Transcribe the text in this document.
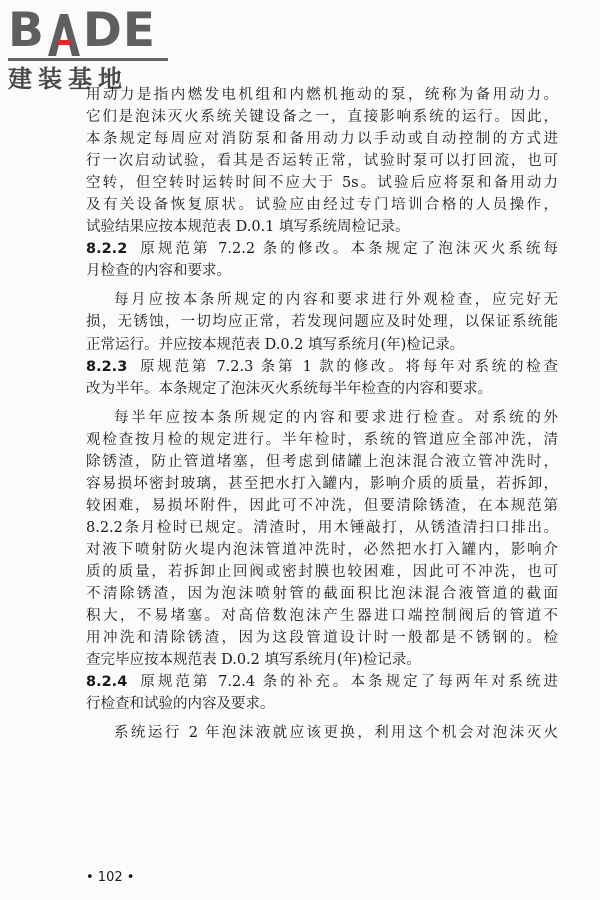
B DE
建装基地
用动力是指内燃发电机组和内燃机拖动的泵，统称为备用动力。
它们是泡沫灭火系统关键设备之一，直接影响系统的运行。因此，
本条规定每周应对消防泵和备用动力以手动或自动控制的方式进
行一次启动试验，看其是否运转正常，试验时泵可以打回流，也可
空转，但空转时运转时间不应大于 5s。试验后应将泵和备用动力
及有关设备恢复原状。试验应由经过专门培训合格的人员操作，
试验结果应按本规范表 D.0.1 填写系统周检记录。
8.2.2 原规范第 7.2.2 条的修改。本条规定了泡沫灭火系统每
月检查的内容和要求。
每月应按本条所规定的内容和要求进行外观检查，应完好无
损，无锈蚀，一切均应正常，若发现问题应及时处理，以保证系统能
正常运行。并应按本规范表 D.0.2 填写系统月(年)检记录。
8.2.3 原规范第 7.2.3 条第 1 款的修改。将每年对系统的检查
改为半年。本条规定了泡沫灭火系统每半年检查的内容和要求。
每半年应按本条所规定的内容和要求进行检查。对系统的外
观检查按月检的规定进行。半年检时，系统的管道应全部冲洗，清
除锈渣，防止管道堵塞，但考虑到储罐上泡沫混合液立管冲洗时，
容易损坏密封玻璃，甚至把水打入罐内，影响介质的质量，若拆卸，
较困难，易损坏附件，因此可不冲洗，但要清除锈渣，在本规范第
8.2.2条月检时已规定。清渣时，用木锤敲打，从锈渣清扫口排出。
对液下喷射防火堤内泡沫管道冲洗时，必然把水打入罐内，影响介
质的质量，若拆卸止回阀或密封膜也较困难，因此可不冲洗，也可
不清除锈渣，因为泡沫喷射管的截面积比泡沫混合液管道的截面
积大，不易堵塞。对高倍数泡沫产生器进口端控制阀后的管道不
用冲洗和清除锈渣，因为这段管道设计时一般都是不锈钢的。检
查完毕应按本规范表 D.0.2 填写系统月(年)检记录。
8.2.4 原规范第 7.2.4 条的补充。本条规定了每两年对系统进
行检查和试验的内容及要求。
系统运行 2 年泡沫液就应该更换，利用这个机会对泡沫灭火
• 102 •
